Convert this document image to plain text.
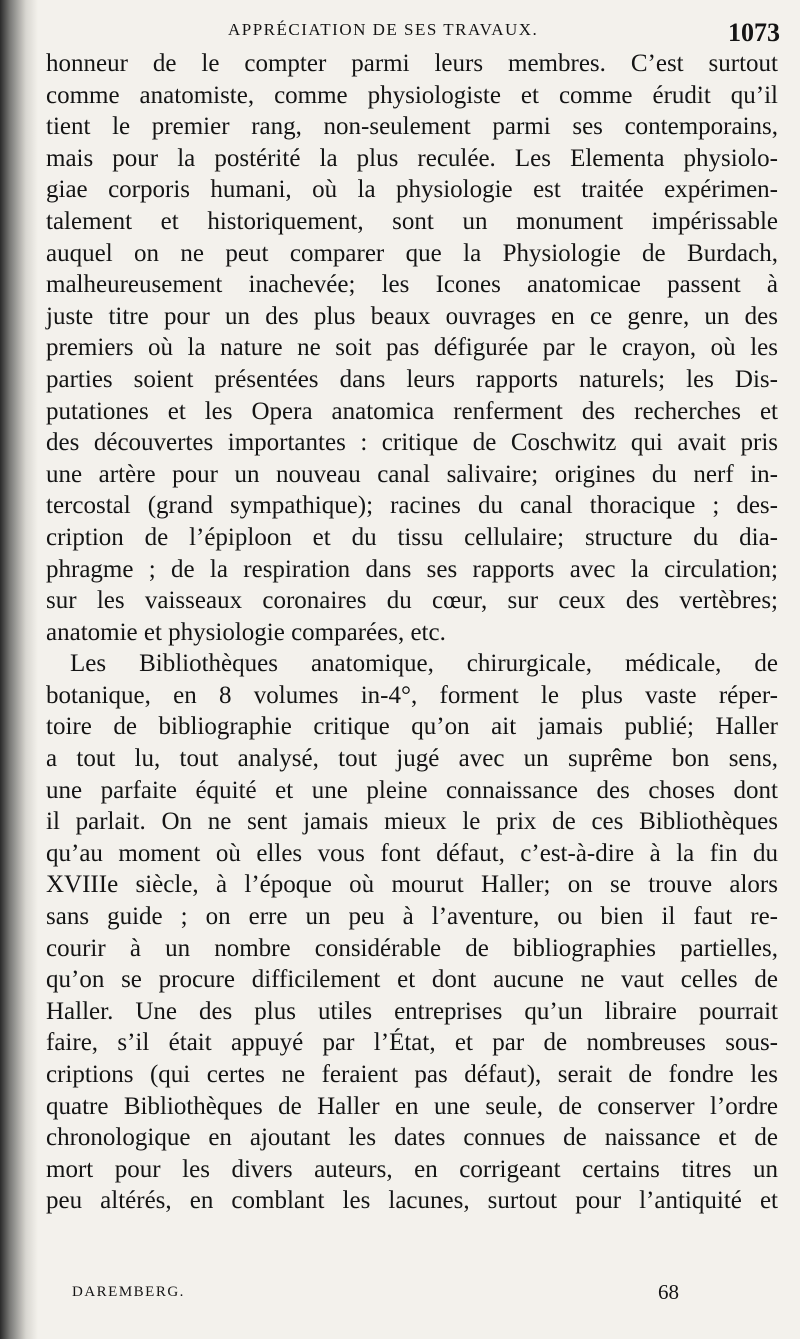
APPRÉCIATION DE SES TRAVAUX.	1073
honneur de le compter parmi leurs membres. C’est surtout
comme anatomiste, comme physiologiste et comme érudit qu’il
tient le premier rang, non-seulement parmi ses contemporains,
mais pour la postérité la plus reculée. Les Elementa physiolo-
giae corporis humani, où la physiologie est traitée expérimen-
talement et historiquement, sont un monument impérissable
auquel on ne peut comparer que la Physiologie de Burdach,
malheureusement inachevée; les Icones anatomicae passent à
juste titre pour un des plus beaux ouvrages en ce genre, un des
premiers où la nature ne soit pas défigurée par le crayon, où les
parties soient présentées dans leurs rapports naturels; les Dis-
putationes et les Opera anatomica renferment des recherches et
des découvertes importantes : critique de Coschwitz qui avait pris
une artère pour un nouveau canal salivaire; origines du nerf in-
tercostal (grand sympathique); racines du canal thoracique ; des-
cription de l’épiploon et du tissu cellulaire; structure du dia-
phragme ; de la respiration dans ses rapports avec la circulation;
sur les vaisseaux coronaires du cœur, sur ceux des vertèbres;
anatomie et physiologie comparées, etc.
Les Bibliothèques anatomique, chirurgicale, médicale, de
botanique, en 8 volumes in-4°, forment le plus vaste réper-
toire de bibliographie critique qu’on ait jamais publié; Haller
a tout lu, tout analysé, tout jugé avec un suprême bon sens,
une parfaite équité et une pleine connaissance des choses dont
il parlait. On ne sent jamais mieux le prix de ces Bibliothèques
qu’au moment où elles vous font défaut, c’est-à-dire à la fin du
XVIIIe siècle, à l’époque où mourut Haller; on se trouve alors
sans guide ; on erre un peu à l’aventure, ou bien il faut re-
courir à un nombre considérable de bibliographies partielles,
qu’on se procure difficilement et dont aucune ne vaut celles de
Haller. Une des plus utiles entreprises qu’un libraire pourrait
faire, s’il était appuyé par l’État, et par de nombreuses sous-
criptions (qui certes ne feraient pas défaut), serait de fondre les
quatre Bibliothèques de Haller en une seule, de conserver l’ordre
chronologique en ajoutant les dates connues de naissance et de
mort pour les divers auteurs, en corrigeant certains titres un
peu altérés, en comblant les lacunes, surtout pour l’antiquité et
DAREMBERG.	68
